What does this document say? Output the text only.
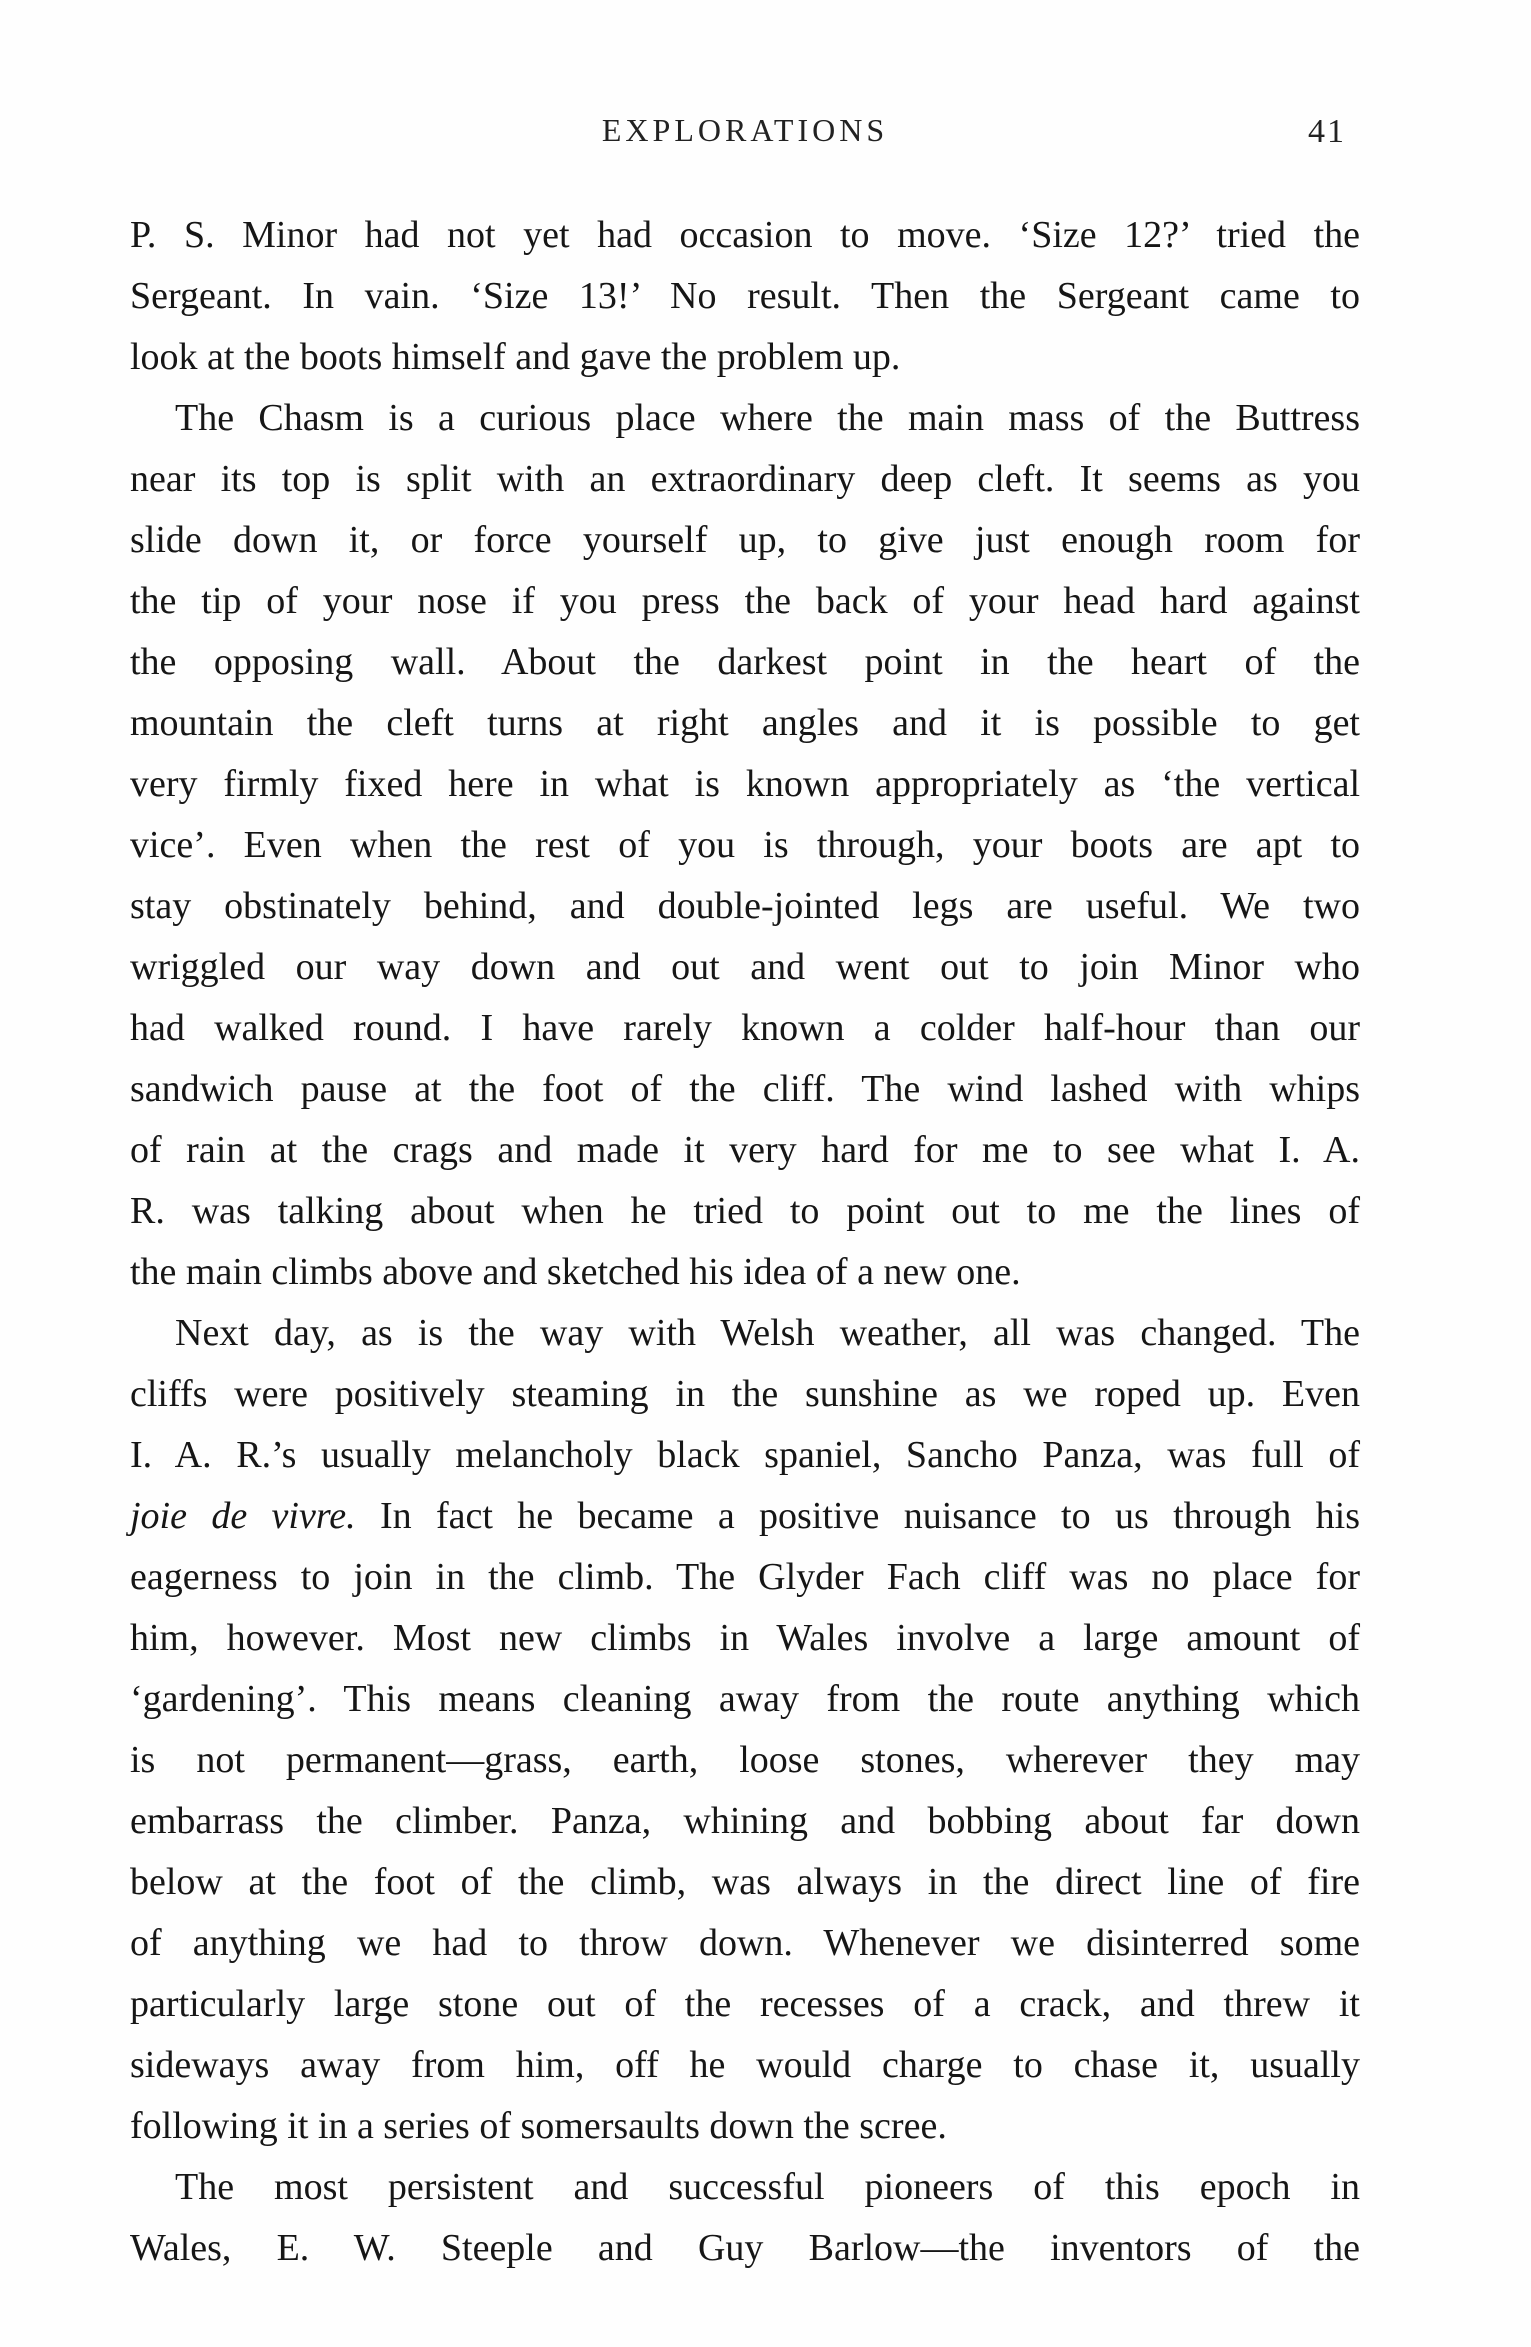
EXPLORATIONS	41
P. S. Minor had not yet had occasion to move. ‘Size 12?’ tried the
Sergeant. In vain. ‘Size 13!’ No result. Then the Sergeant came to
look at the boots himself and gave the problem up.
The Chasm is a curious place where the main mass of the Buttress
near its top is split with an extraordinary deep cleft. It seems as you
slide down it, or force yourself up, to give just enough room for
the tip of your nose if you press the back of your head hard against
the opposing wall. About the darkest point in the heart of the
mountain the cleft turns at right angles and it is possible to get
very firmly fixed here in what is known appropriately as ‘the vertical
vice’. Even when the rest of you is through, your boots are apt to
stay obstinately behind, and double-jointed legs are useful. We two
wriggled our way down and out and went out to join Minor who
had walked round. I have rarely known a colder half-hour than our
sandwich pause at the foot of the cliff. The wind lashed with whips
of rain at the crags and made it very hard for me to see what I. A.
R. was talking about when he tried to point out to me the lines of
the main climbs above and sketched his idea of a new one.
Next day, as is the way with Welsh weather, all was changed. The
cliffs were positively steaming in the sunshine as we roped up. Even
I. A. R.’s usually melancholy black spaniel, Sancho Panza, was full of
joie de vivre. In fact he became a positive nuisance to us through his
eagerness to join in the climb. The Glyder Fach cliff was no place for
him, however. Most new climbs in Wales involve a large amount of
‘gardening’. This means cleaning away from the route anything which
is not permanent—grass, earth, loose stones, wherever they may
embarrass the climber. Panza, whining and bobbing about far down
below at the foot of the climb, was always in the direct line of fire
of anything we had to throw down. Whenever we disinterred some
particularly large stone out of the recesses of a crack, and threw it
sideways away from him, off he would charge to chase it, usually
following it in a series of somersaults down the scree.
The most persistent and successful pioneers of this epoch in
Wales, E. W. Steeple and Guy Barlow—the inventors of the
